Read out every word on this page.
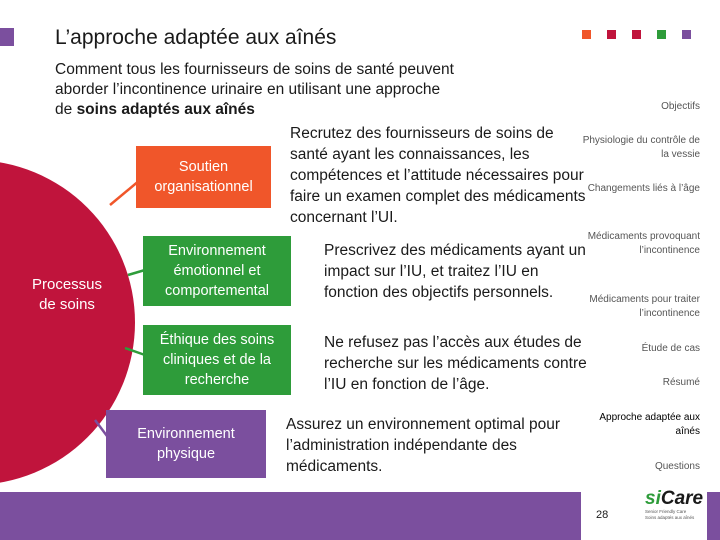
L’approche adaptée aux aînés
Comment tous les fournisseurs de soins de santé peuvent
aborder l’incontinence urinaire en utilisant une approche
de soins adaptés aux aînés
Processus de soins
Soutien organisationnel
Environnement émotionnel et comportemental
Éthique des soins cliniques et de la recherche
Environnement physique
Recrutez des fournisseurs de soins de santé ayant les connaissances, les compétences et l’attitude nécessaires pour faire un examen complet des médicaments concernant l’UI.
Prescrivez des médicaments ayant un impact sur l’IU, et traitez l’IU en fonction des objectifs personnels.
Ne refusez pas l’accès aux études de recherche sur les médicaments contre l’IU en fonction de l’âge.
Assurez un environnement optimal pour l’administration indépendante des médicaments.
Objectifs
Physiologie du contrôle de la vessie
Changements liés à l’âge
Médicaments provoquant l’incontinence
Médicaments pour traiter l’incontinence
Étude de cas
Résumé
Approche adaptée aux aînés
Questions
28
siCare
Senior Friendly Care
Soins adaptés aux aînés
